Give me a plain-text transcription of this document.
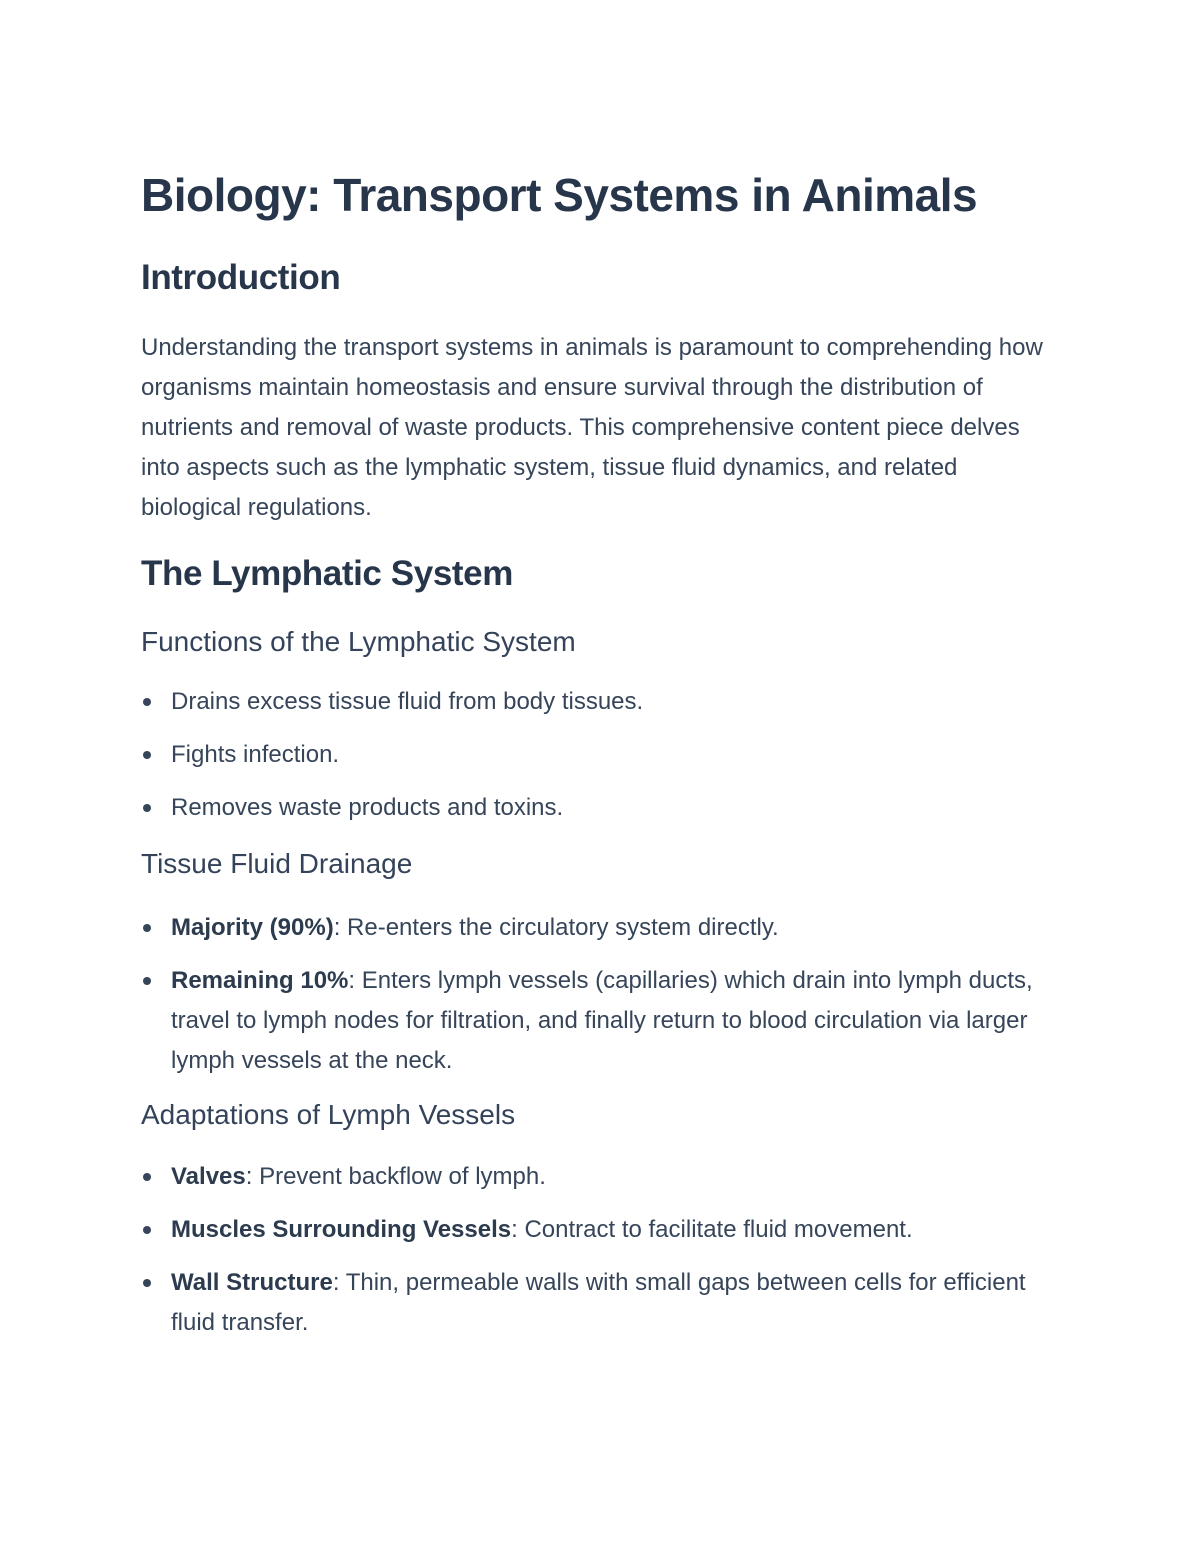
Biology: Transport Systems in Animals
Introduction

Understanding the transport systems in animals is paramount to comprehending how organisms maintain homeostasis and ensure survival through the distribution of nutrients and removal of waste products. This comprehensive content piece delves into aspects such as the lymphatic system, tissue fluid dynamics, and related biological regulations.

The Lymphatic System
Functions of the Lymphatic System
Drains excess tissue fluid from body tissues.
Fights infection.
Removes waste products and toxins.
Tissue Fluid Drainage
Majority (90%): Re-enters the circulatory system directly.
Remaining 10%: Enters lymph vessels (capillaries) which drain into lymph ducts, travel to lymph nodes for filtration, and finally return to blood circulation via larger lymph vessels at the neck.
Adaptations of Lymph Vessels
Valves: Prevent backflow of lymph.
Muscles Surrounding Vessels: Contract to facilitate fluid movement.
Wall Structure: Thin, permeable walls with small gaps between cells for efficient fluid transfer.
